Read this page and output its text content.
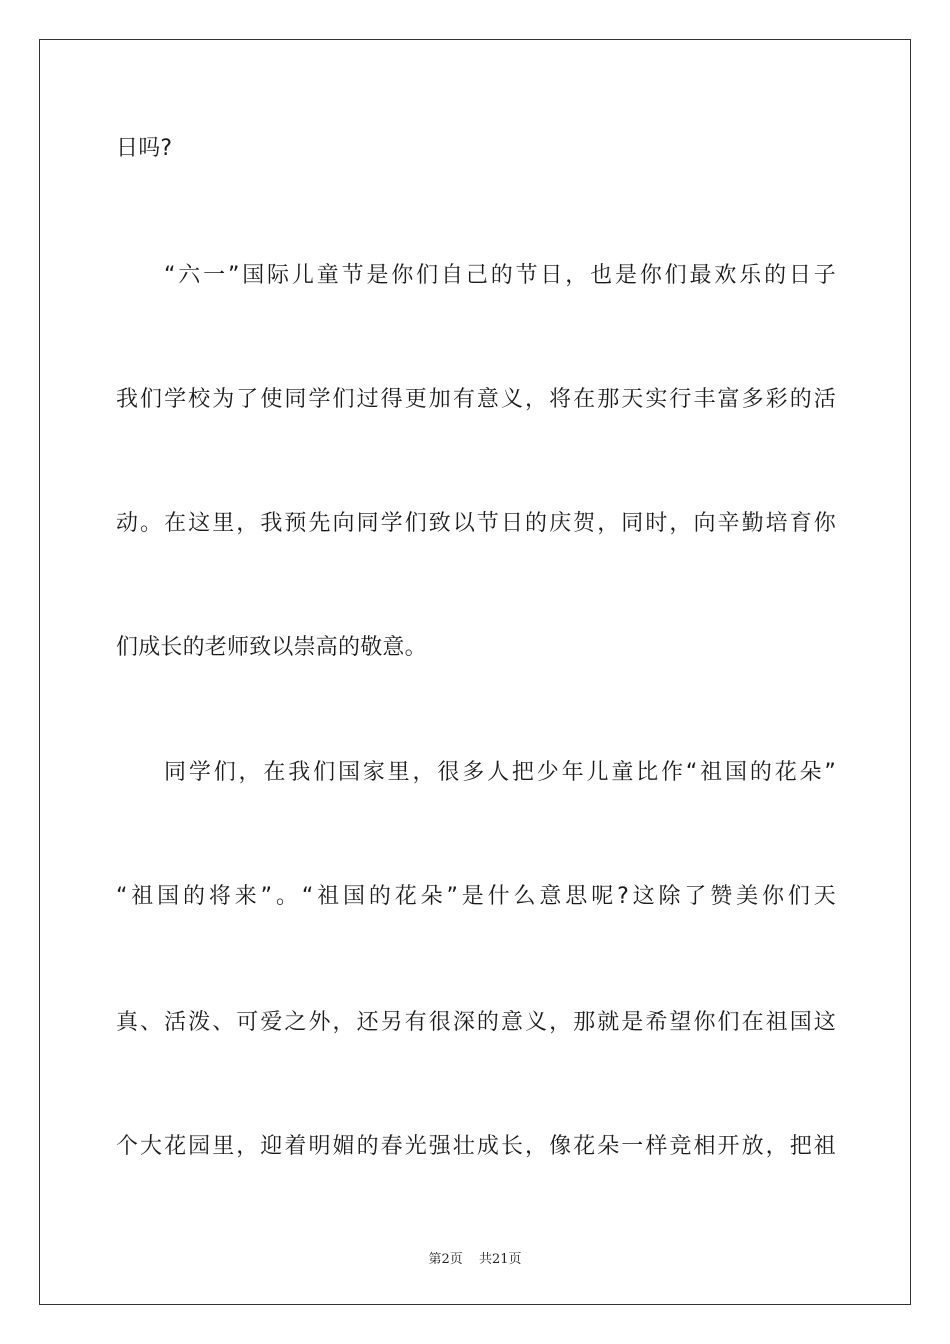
日吗?
“六一”国际儿童节是你们自己的节日，也是你们最欢乐的日子
我们学校为了使同学们过得更加有意义，将在那天实行丰富多彩的活
动。在这里，我预先向同学们致以节日的庆贺，同时，向辛勤培育你
们成长的老师致以崇高的敬意。
同学们，在我们国家里，很多人把少年儿童比作“祖国的花朵”
“祖国的将来”。“祖国的花朵”是什么意思呢?这除了赞美你们天
真、活泼、可爱之外，还另有很深的意义，那就是希望你们在祖国这
个大花园里，迎着明媚的春光强壮成长，像花朵一样竞相开放，把祖
第2页 共21页
